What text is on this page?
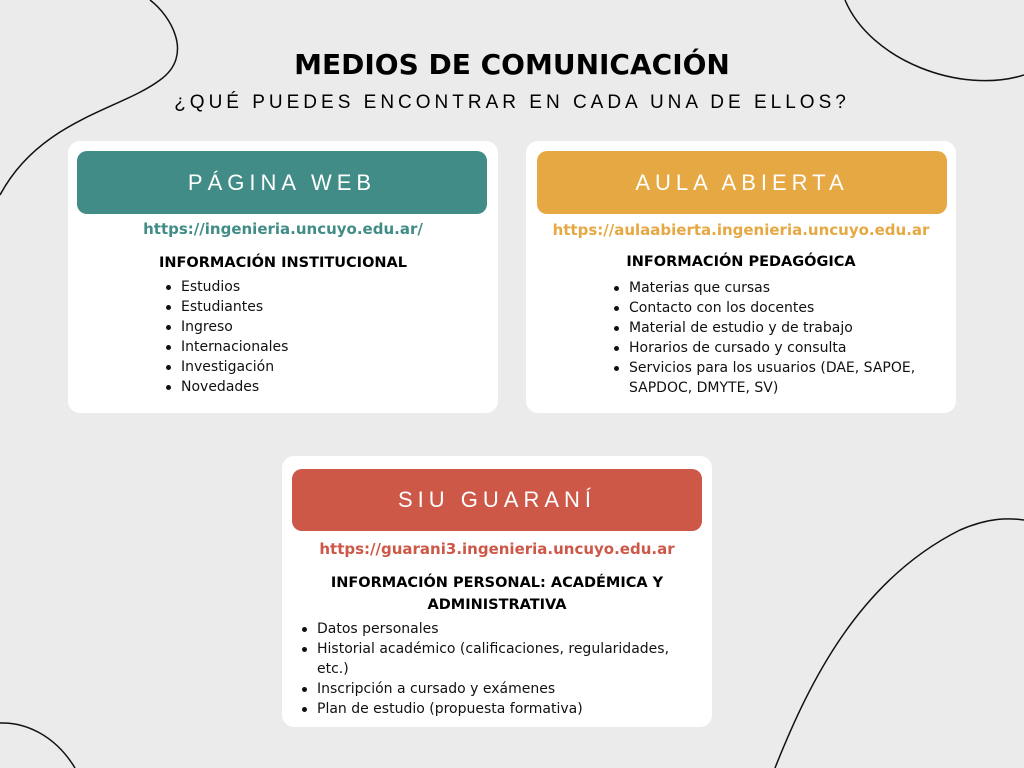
MEDIOS DE COMUNICACIÓN
¿QUÉ PUEDES ENCONTRAR EN CADA UNA DE ELLOS?
PÁGINA WEB
https://ingenieria.uncuyo.edu.ar/
INFORMACIÓN INSTITUCIONAL
Estudios
Estudiantes
Ingreso
Internacionales
Investigación
Novedades
AULA ABIERTA
https://aulaabierta.ingenieria.uncuyo.edu.ar
INFORMACIÓN PEDAGÓGICA
Materias que cursas
Contacto con los docentes
Material de estudio y de trabajo
Horarios de cursado y consulta
Servicios para los usuarios (DAE, SAPOE, SAPDOC, DMYTE, SV)
SIU GUARANÍ
https://guarani3.ingenieria.uncuyo.edu.ar
INFORMACIÓN PERSONAL: ACADÉMICA Y ADMINISTRATIVA
Datos personales
Historial académico (calificaciones, regularidades, etc.)
Inscripción a cursado y exámenes
Plan de estudio (propuesta formativa)
